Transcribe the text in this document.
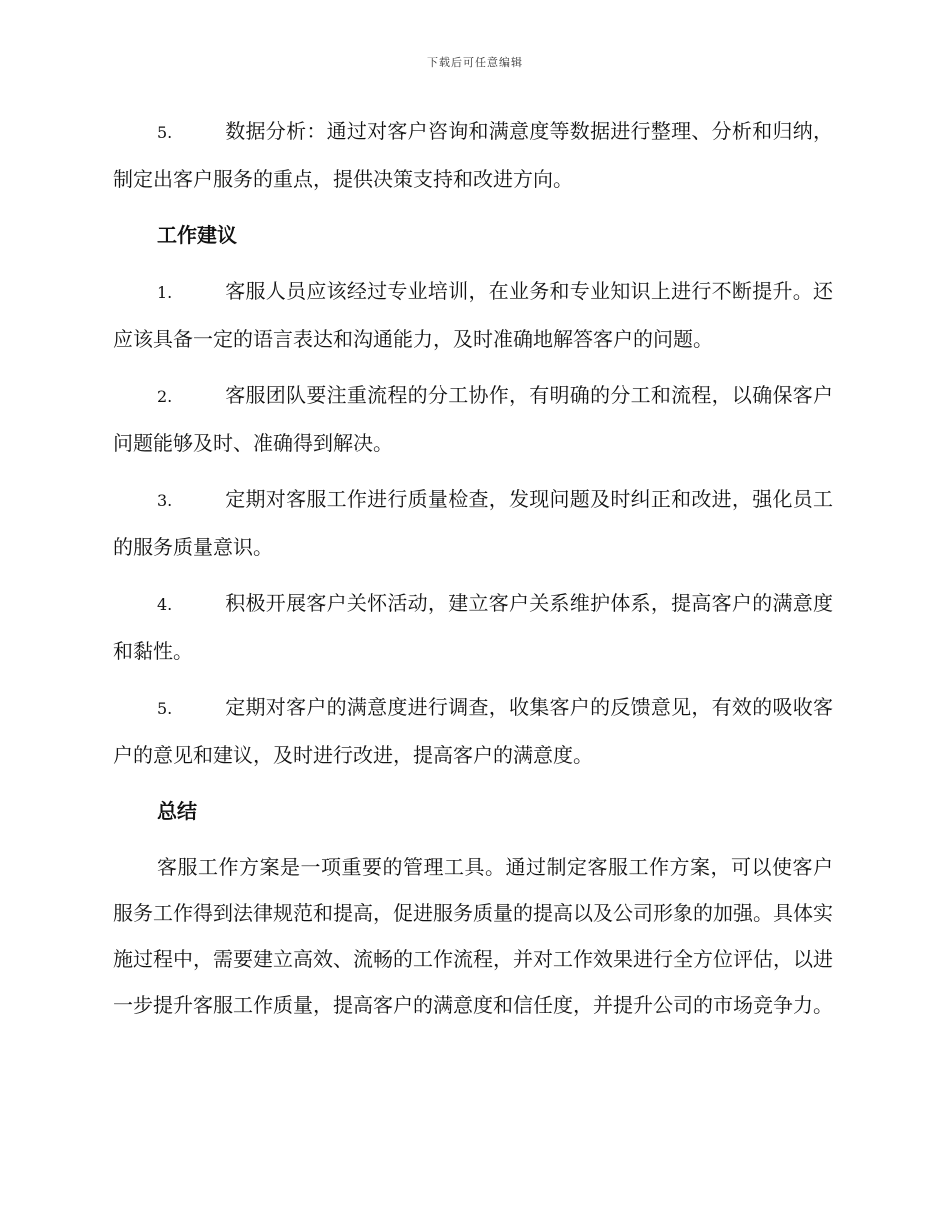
下载后可任意编辑

5.	数据分析：通过对客户咨询和满意度等数据进行整理、分析和归纳，制定出客户服务的重点，提供决策支持和改进方向。

工作建议

1.	客服人员应该经过专业培训，在业务和专业知识上进行不断提升。还应该具备一定的语言表达和沟通能力，及时准确地解答客户的问题。

2.	客服团队要注重流程的分工协作，有明确的分工和流程，以确保客户问题能够及时、准确得到解决。

3.	定期对客服工作进行质量检查，发现问题及时纠正和改进，强化员工的服务质量意识。

4.	积极开展客户关怀活动，建立客户关系维护体系，提高客户的满意度和黏性。

5.	定期对客户的满意度进行调查，收集客户的反馈意见，有效的吸收客户的意见和建议，及时进行改进，提高客户的满意度。

总结

客服工作方案是一项重要的管理工具。通过制定客服工作方案，可以使客户服务工作得到法律规范和提高，促进服务质量的提高以及公司形象的加强。具体实施过程中，需要建立高效、流畅的工作流程，并对工作效果进行全方位评估，以进一步提升客服工作质量，提高客户的满意度和信任度，并提升公司的市场竞争力。
